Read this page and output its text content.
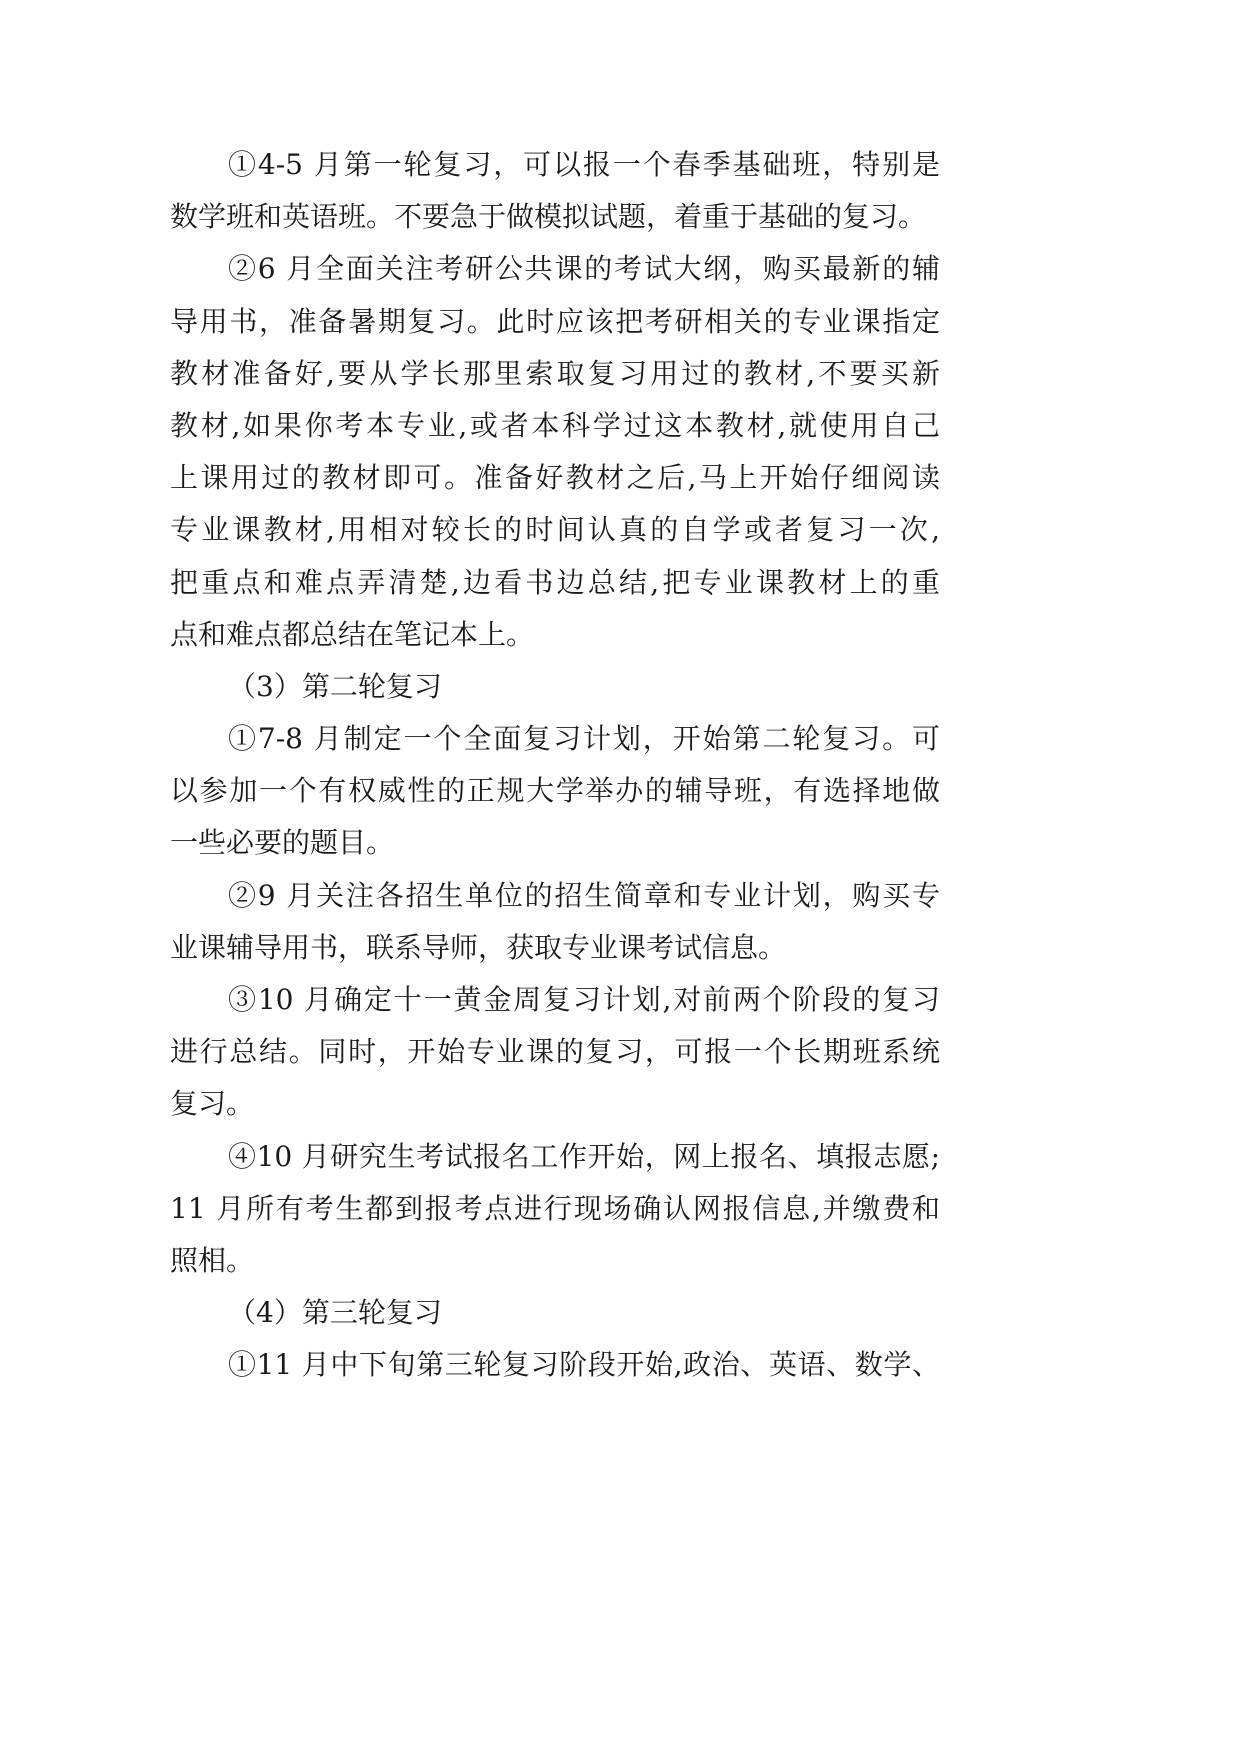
①4-5 月第一轮复习，可以报一个春季基础班，特别是
数学班和英语班。不要急于做模拟试题，着重于基础的复习。
②6 月全面关注考研公共课的考试大纲，购买最新的辅
导用书，准备暑期复习。此时应该把考研相关的专业课指定
教材准备好,要从学长那里索取复习用过的教材,不要买新
教材,如果你考本专业,或者本科学过这本教材,就使用自己
上课用过的教材即可。准备好教材之后,马上开始仔细阅读
专业课教材,用相对较长的时间认真的自学或者复习一次,
把重点和难点弄清楚,边看书边总结,把专业课教材上的重
点和难点都总结在笔记本上。
（3）第二轮复习
①7-8 月制定一个全面复习计划，开始第二轮复习。可
以参加一个有权威性的正规大学举办的辅导班，有选择地做
一些必要的题目。
②9 月关注各招生单位的招生简章和专业计划，购买专
业课辅导用书，联系导师，获取专业课考试信息。
③10 月确定十一黄金周复习计划,对前两个阶段的复习
进行总结。同时，开始专业课的复习，可报一个长期班系统
复习。
④10 月研究生考试报名工作开始，网上报名、填报志愿;
11 月所有考生都到报考点进行现场确认网报信息,并缴费和
照相。
（4）第三轮复习
①11 月中下旬第三轮复习阶段开始,政治、英语、数学、
